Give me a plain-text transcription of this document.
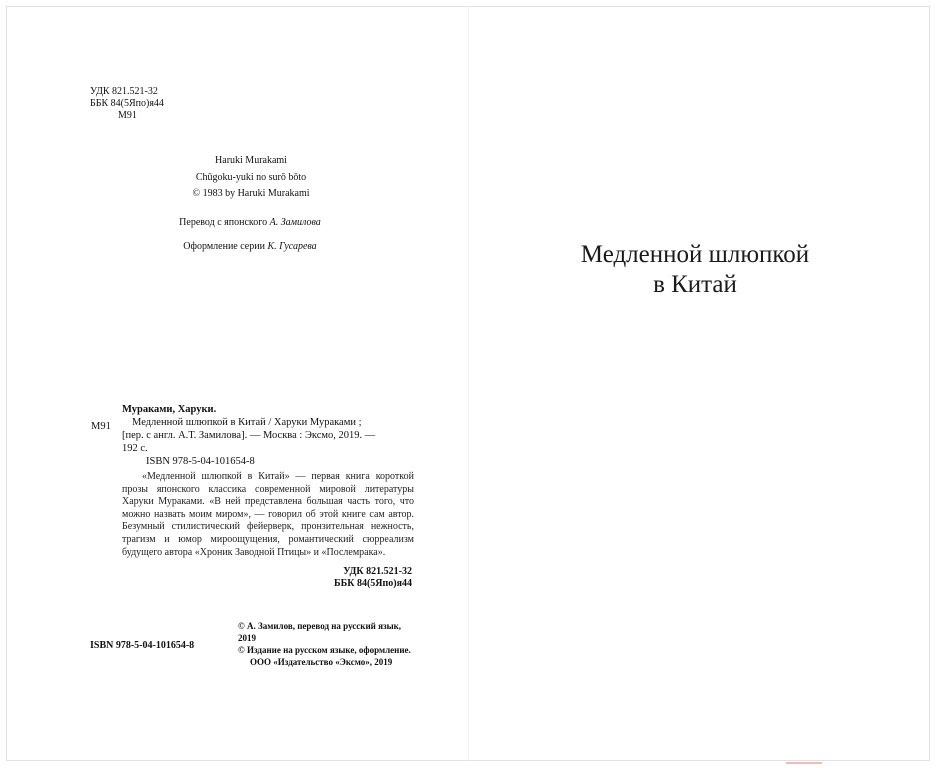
УДК 821.521-32
ББК 84(5Япо)я44
М91
Haruki Murakami
Chūgoku-yuki no surō bōto
© 1983 by Haruki Murakami
Перевод с японского А. Замилова
Оформление серии К. Гусарева
Мураками, Харуки.
М91 Медленной шлюпкой в Китай / Харуки Мураками ;
[пер. с англ. А.Т. Замилова]. — Москва : Эксмо, 2019. —
192 с.
ISBN 978-5-04-101654-8
«Медленной шлюпкой в Китай» — первая книга короткой прозы японского классика современной мировой литературы Харуки Мураками. «В ней представлена большая часть того, что можно назвать моим миром», — говорил об этой книге сам автор. Безумный стилистический фейерверк, пронзительная нежность, трагизм и юмор мироощущения, романтический сюрреализм будущего автора «Хроник Заводной Птицы» и «Послемрака».
УДК 821.521-32
ББК 84(5Япо)я44
ISBN 978-5-04-101654-8
© А. Замилов, перевод на русский язык, 2019
© Издание на русском языке, оформление.
ООО «Издательство «Эксмо», 2019
Медленной шлюпкой
в Китай
